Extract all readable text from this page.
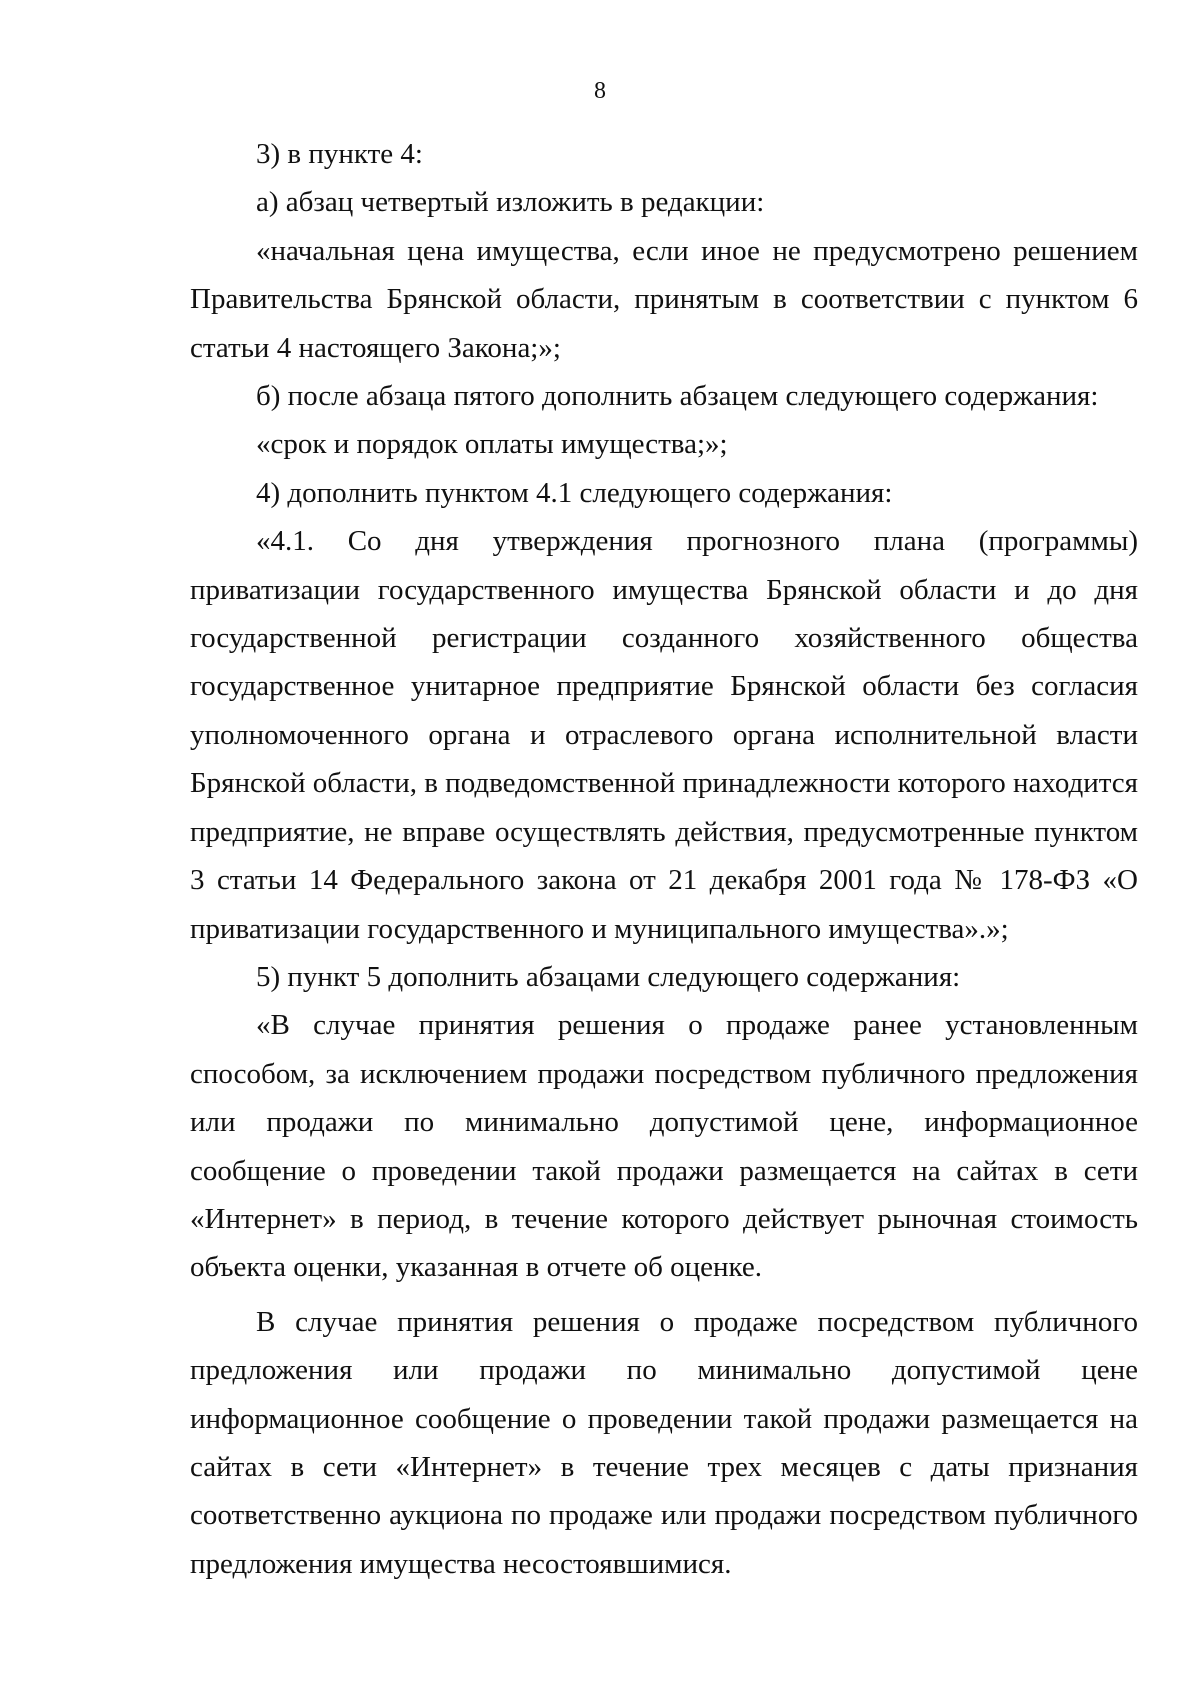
8

3) в пункте 4:

а) абзац четвертый изложить в редакции:

«начальная цена имущества, если иное не предусмотрено решением Правительства Брянской области, принятым в соответствии с пунктом 6 статьи 4 настоящего Закона;»;

б) после абзаца пятого дополнить абзацем следующего содержания:

«срок и порядок оплаты имущества;»;

4) дополнить пунктом 4.1 следующего содержания:

«4.1. Со дня утверждения прогнозного плана (программы) приватизации государственного имущества Брянской области и до дня государственной регистрации созданного хозяйственного общества государственное унитарное предприятие Брянской области без согласия уполномоченного органа и отраслевого органа исполнительной власти Брянской области, в подведомственной принадлежности которого находится предприятие, не вправе осуществлять действия, предусмотренные пунктом 3 статьи 14 Федерального закона от 21 декабря 2001 года № 178-ФЗ «О приватизации государственного и муниципального имущества».»;

5) пункт 5 дополнить абзацами следующего содержания:

«В случае принятия решения о продаже ранее установленным способом, за исключением продажи посредством публичного предложения или продажи по минимально допустимой цене, информационное сообщение о проведении такой продажи размещается на сайтах в сети «Интернет» в период, в течение которого действует рыночная стоимость объекта оценки, указанная в отчете об оценке.

В случае принятия решения о продаже посредством публичного предложения или продажи по минимально допустимой цене информационное сообщение о проведении такой продажи размещается на сайтах в сети «Интернет» в течение трех месяцев с даты признания соответственно аукциона по продаже или продажи посредством публичного предложения имущества несостоявшимися.
